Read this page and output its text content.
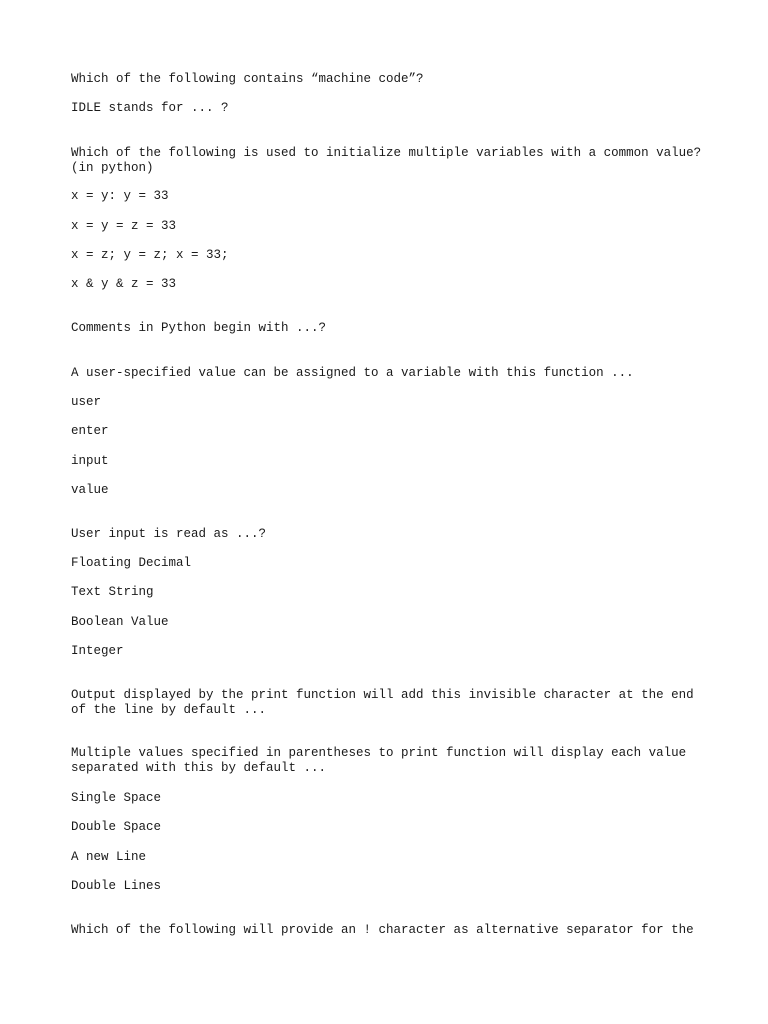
Which of the following contains “machine code”?

IDLE stands for ... ?

Which of the following is used to initialize multiple variables with a common value? (in python)

x = y: y = 33

x = y = z = 33

x = z; y = z; x = 33;

x & y & z = 33

Comments in Python begin with ...?

A user-specified value can be assigned to a variable with this function ...

user

enter

input

value

User input is read as ...?

Floating Decimal

Text String

Boolean Value

Integer

Output displayed by the print function will add this invisible character at the end of the line by default ...

Multiple values specified in parentheses to print function will display each value separated with this by default ...

Single Space

Double Space

A new Line

Double Lines

Which of the following will provide an ! character as alternative separator for the
